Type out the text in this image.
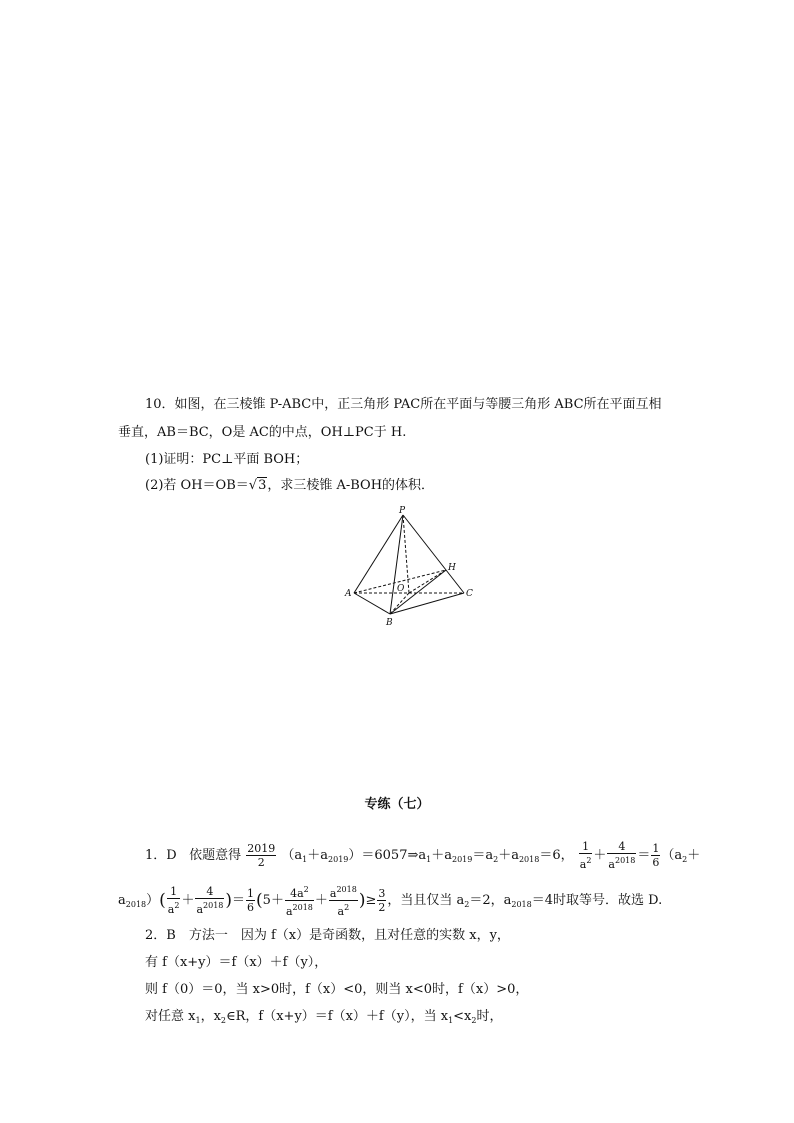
10．如图，在三棱锥 P-ABC中，正三角形 PAC所在平面与等腰三角形 ABC所在平面互相
垂直，AB＝BC，O是 AC的中点，OH⊥PC于 H.
(1)证明：PC⊥平面 BOH；
(2)若 OH＝OB＝√3，求三棱锥 A-BOH的体积．
P
A
B
C
O
H
专练（七）
1．D 依题意得 $\frac{2019}{2}$ $(a_1+a_{2019})=6057\Rightarrow a_1+a_{2019}=a_2+a_{2018}=6$， $\frac{1}{a^2} + \frac{4}{a^{2018}} = \frac{1}{6} (a_2+$
$a_{2018})( \frac{1}{a^2} + \frac{4}{a^{2018}}$ )＝ $\frac{1}{6} (5+ \frac{4a^2}{a^{2018}} + \frac{a^{2018}}{a^2}$ )≥ $\frac{3}{2}$ ，当且仅当 $a_2=2$，$a_{2018}=4$时取等号．故选 D.
2．B　方法一　因为 f（x）是奇函数，且对任意的实数 x，y，
有 f（x+y）＝f（x）＋f（y），
则 f（0）＝0，当 x>0时，f（x）<0，则当 x<0时，f（x）>0，
对任意 $x_1$，$x_2\in R$，f（x+y）＝f（x）＋f（y），当 $x_1<x_2$时，
